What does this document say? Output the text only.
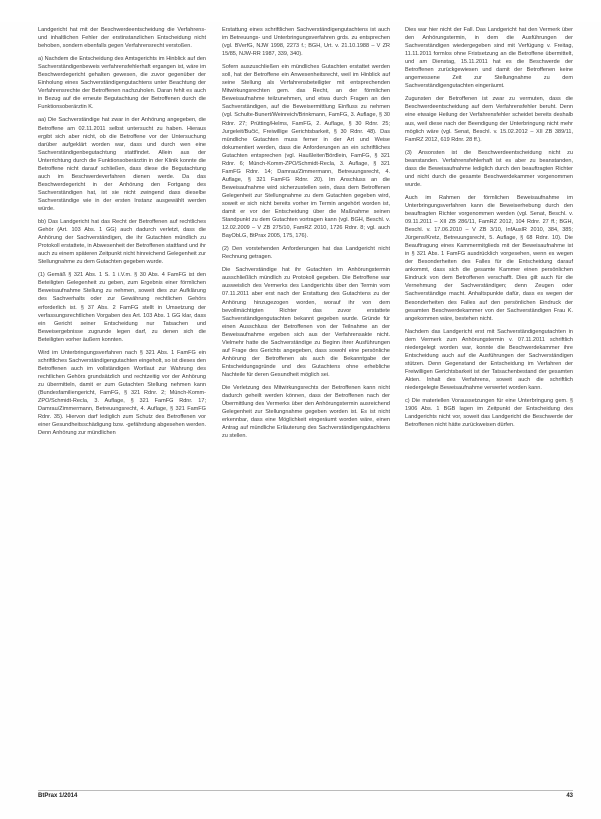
Landgericht hat mit der Beschwerdeentscheidung die Verfahrens- und inhaltlichen Fehler der erstinstanzlichen Entscheidung nicht behoben, sondern ebenfalls gegen Verfahrensrecht verstoßen.

a) Nachdem die Entscheidung des Amtsgerichts im Hinblick auf den Sachverständigenbeweis verfahrensfehlerhaft ergangen ist, wäre im Beschwerdegericht gehalten gewesen, die zuvor gegenüber der Einholung eines Sachverständigengutachtens unter Beachtung der Verfahrensrechte der Betroffenen nachzuholen. Daran fehlt es auch in Bezug auf die erneute Begutachtung der Betroffenen durch die Funktionsoberärztin K.

aa) Die Sachverständige hat zwar in der Anhörung angegeben, die Betroffene am 02.11.2011 selbst untersucht zu haben. Hieraus ergibt sich aber nicht, ob die Betroffene vor der Untersuchung darüber aufgeklärt worden war, dass und durch wen eine Sachverständigenbegutachtung stattfindet. Allein aus der Unterrichtung durch die Funktionsoberärztin in der Klinik konnte die Betroffene nicht darauf schließen, dass diese die Begutachtung auch im Beschwerdeverfahren dienen werde. Da das Beschwerdegericht in der Anhörung den Fortgang des Sachverständigen hat, ist sie nicht zwingend dass dieselbe Sachverständige wie in der ersten Instanz ausgewählt werden würde.

bb) Das Landgericht hat das Recht der Betroffenen auf rechtliches Gehör (Art. 103 Abs. 1 GG) auch dadurch verletzt, dass die Anhörung der Sachverständigen, die ihr Gutachten mündlich zu Protokoll erstattete, in Abwesenheit der Betroffenen stattfand und ihr auch zu einem späteren Zeitpunkt nicht hinreichend Gelegenheit zur Stellungnahme zu dem Gutachten gegeben wurde.

(1) Gemäß § 321 Abs. 1 S. 1 i.V.m. § 30 Abs. 4 FamFG ist den Beteiligten Gelegenheit zu geben, zum Ergebnis einer förmlichen Beweisaufnahme Stellung zu nehmen, soweit dies zur Aufklärung des Sachverhalts oder zur Gewährung rechtlichen Gehörs erforderlich ist. § 37 Abs. 2 FamFG stellt in Umsetzung der verfassungsrechtlichen Vorgaben des Art. 103 Abs. 1 GG klar, dass ein Gericht seiner Entscheidung nur Tatsachen und Beweisergebnisse zugrunde legen darf, zu denen sich die Beteiligten vorher äußern konnten.

Wird im Unterbringungsverfahren nach § 321 Abs. 1 FamFG ein schriftliches Sachverständigengutachten eingeholt, so ist dieses den Betroffenen auch im vollständigen Wortlaut zur Wahrung des rechtlichen Gehörs grundsätzlich und rechtzeitig vor der Anhörung zu übermitteln, damit er zum Gutachten Stellung nehmen kann (Bundesfamiliengericht, FamFG, § 321 Rdnr. 2; Münch-Komm-ZPO/Schmidt-Recla, 3. Auflage, § 321 FamFG Rdnr. 17; Damrau/Zimmermann, Betreuungsrecht, 4. Auflage, § 321 FamFG Rdnr. 35). Hiervon darf lediglich zum Schutz des Betroffenen vor einer Gesundheitsschädigung bzw. -gefährdung abgesehen werden. Denn Anhörung zur mündlichen

Erstattung eines schriftlichen Sachverständigengutachtens ist auch im Betreuungs- und Unterbringungsverfahren grds. zu entsprechen (vgl. BVerfG, NJW 1998, 2273 f.; BGH, Urt. v. 21.10.1988 – V ZR 15/85, NJW-RR 1987, 339, 340).

Sofern auszuschließen ein mündliches Gutachten erstattet werden soll, hat der Betroffene ein Anwesenheitsrecht, weil im Hinblick auf seine Stellung als Verfahrensbeteiligter mit entsprechenden Mitwirkungsrechten gem. das Recht, an der förmlichen Beweisaufnahme teilzunehmen, und etwa durch Fragen an den Sachverständigen, auf die Beweisermittlung Einfluss zu nehmen (vgl. Schulte-Bunert/Weinreich/Brinkmann, FamFG, 3. Auflage, § 30 Rdnr. 27; Prütting/Helms, FamFG, 2. Auflage, § 30 Rdnr. 25; Jurgeleit/Bučić, Freiwillige Gerichtsbarkeit, § 30 Rdnr. 48). Das mündliche Gutachten muss ferner in der Art und Weise dokumentiert werden, dass die Anforderungen an ein schriftliches Gutachten entsprechen (vgl. Haußleiter/Bördlein, FamFG, § 321 Rdnr. 6; Münch-Komm-ZPO/Schmidt-Recla, 3. Auflage, § 321 FamFG Rdnr. 14; Damrau/Zimmermann, Betreuungsrecht, 4. Auflage, § 321 FamFG Rdnr. 20). Im Anschluss an die Beweisaufnahme wird sicherzustellen sein, dass dem Betroffenen Gelegenheit zur Stellungnahme zu dem Gutachten gegeben wird, soweit er sich nicht bereits vorher im Termin angehört worden ist, damit er vor der Entscheidung über die Maßnahme seinen Standpunkt zu dem Gutachten vortragen kann (vgl. BGH, Beschl. v. 12.02.2009 – V ZB 275/10, FamRZ 2010, 1726 Rdnr. 8; vgl. auch BayObLG, BtPrax 2005, 175, 176).

(2) Den vorstehenden Anforderungen hat das Landgericht nicht Rechnung getragen.

Die Sachverständige hat ihr Gutachten im Anhörungstermin ausschließlich mündlich zu Protokoll gegeben. Die Betroffene war ausweislich des Vermerks des Landgerichts über den Termin vom 07.11.2011 aber erst nach der Erstattung des Gutachtens zu der Anhörung hinzugezogen worden, worauf ihr von dem bevollmächtigten Richter das zuvor erstattete Sachverständigengutachten bekannt gegeben wurde. Gründe für einen Ausschluss der Betroffenen von der Teilnahme an der Beweisaufnahme ergeben sich aus der Verfahrensakte nicht. Vielmehr hatte die Sachverständige zu Beginn ihrer Ausführungen auf Frage des Gerichts angegeben, dass sowohl eine persönliche Anhörung der Betroffenen als auch die Bekanntgabe der Entscheidungsgründe und des Gutachtens ohne erhebliche Nachteile für deren Gesundheit möglich sei.

Die Verletzung des Mitwirkungsrechts der Betroffenen kann nicht dadurch geheilt werden können, dass der Betroffenen nach der Übermittlung des Vermerks über den Anhörungstermin ausreichend Gelegenheit zur Stellungnahme gegeben worden ist. Es ist nicht erkennbar, dass eine Möglichkeit eingeräumt worden wäre, einen Antrag auf mündliche Erläuterung des Sachverständigengutachtens zu stellen.

Dies war hier nicht der Fall. Das Landgericht hat den Vermerk über den Anhörungstermin, in dem die Ausführungen der Sachverständigen wiedergegeben sind mit Verfügung v. Freitag, 11.11.2011 formlos ohne Fristsetzung an die Betroffene übermittelt, und am Dienstag, 15.11.2011 hat es die Beschwerde der Betroffenen zurückgewiesen und damit der Betroffenen keine angemessene Zeit zur Stellungnahme zu dem Sachverständigengutachten eingeräumt.

Zugunsten der Betroffenen ist zwar zu vermuten, dass die Beschwerdeentscheidung auf dem Verfahrensfehler beruht. Denn eine etwaige Heilung der Verfahrensfehler scheidet bereits deshalb aus, weil diese nach der Beendigung der Unterbringung nicht mehr möglich wäre (vgl. Senat, Beschl. v. 15.02.2012 – XII ZB 389/11, FamRZ 2012, 619 Rdnr. 28 ff.).

(3) Ansonsten ist die Beschwerdeentscheidung nicht zu beanstanden. Verfahrensfehlerhaft ist es aber zu beanstanden, dass die Beweisaufnahme lediglich durch den beauftragten Richter und nicht durch die gesamte Beschwerdekammer vorgenommen wurde.

Auch im Rahmen der förmlichen Beweisaufnahme im Unterbringungsverfahren kann die Beweiserhebung durch den beauftragten Richter vorgenommen werden (vgl. Senat, Beschl. v. 09.11.2011 – XII ZB 286/11, FamRZ 2012, 104 Rdnr. 27 ff.; BGH, Beschl. v. 17.06.2010 – V ZB 3/10, InfAuslR 2010, 384, 385; Jürgens/Kretz, Betreuungsrecht, 5. Auflage, § 68 Rdnr. 10). Die Beauftragung eines Kammermitglieds mit der Beweisaufnahme ist in § 321 Abs. 1 FamFG ausdrücklich vorgesehen, wenn es wegen der Besonderheiten des Falles für die Entscheidung darauf ankommt, dass sich die gesamte Kammer einen persönlichen Eindruck von dem Betroffenen verschafft. Dies gilt auch für die Vernehmung der Sachverständigen; denn Zeugen oder Sachverständige macht. Anhaltspunkte dafür, dass es wegen der Besonderheiten des Falles auf den persönlichen Eindruck der gesamten Beschwerdekammer von der Sachverständigen Frau K. angekommen wäre, bestehen nicht.

Nachdem das Landgericht erst mit Sachverständigengutachten in dem Vermerk zum Anhörungstermin v. 07.11.2011 schriftlich niedergelegt worden war, konnte die Beschwerdekammer ihre Entscheidung auch auf die Ausführungen der Sachverständigen stützen. Denn Gegenstand der Entscheidung im Verfahren der Freiwilligen Gerichtsbarkeit ist der Tatsachenbestand der gesamten Akten. Inhalt des Verfahrens, soweit auch die schriftlich niedergelegte Beweisaufnahme verwertet worden kann.

c) Die materiellen Voraussetzungen für eine Unterbringung gem. § 1906 Abs. 1 BGB lagen im Zeitpunkt der Entscheidung des Landgerichts nicht vor, soweit das Landgericht die Beschwerde der Betroffenen nicht hätte zurückweisen dürfen.

BtPrax 1/2014	43
